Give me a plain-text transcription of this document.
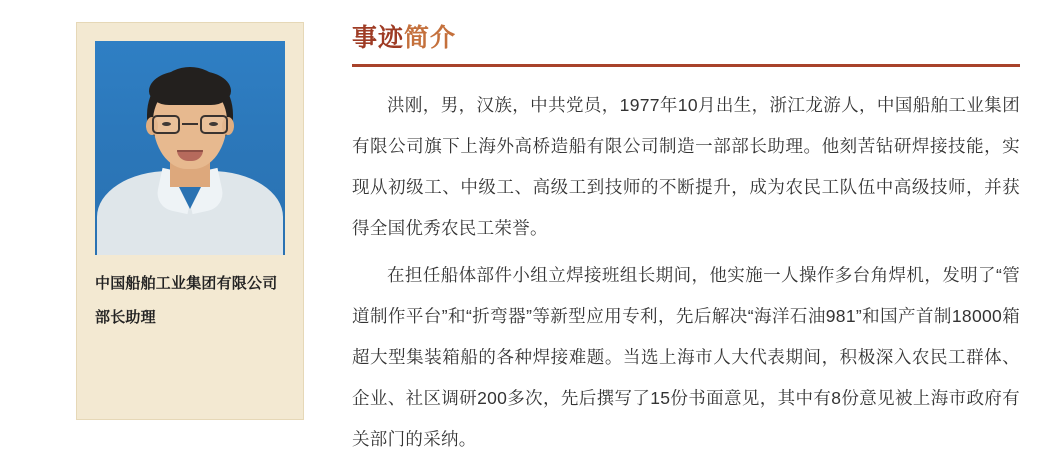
中国船舶工业集团有限公司
部长助理
事迹 简介

洪刚，男，汉族，中共党员，1977年10月出生，浙江龙游人，中国船舶工业集团有限公司旗下上海外高桥造船有限公司制造一部部长助理。他刻苦钻研焊接技能，实现从初级工、中级工、高级工到技师的不断提升，成为农民工队伍中高级技师，并获得全国优秀农民工荣誉。

在担任船体部件小组立焊接班组长期间，他实施一人操作多台角焊机，发明了“管道制作平台”和“折弯器”等新型应用专利，先后解决“海洋石油981”和国产首制18000箱超大型集装箱船的各种焊接难题。当选上海市人大代表期间，积极深入农民工群体、企业、社区调研200多次，先后撰写了15份书面意见，其中有8份意见被上海市政府有关部门的采纳。
